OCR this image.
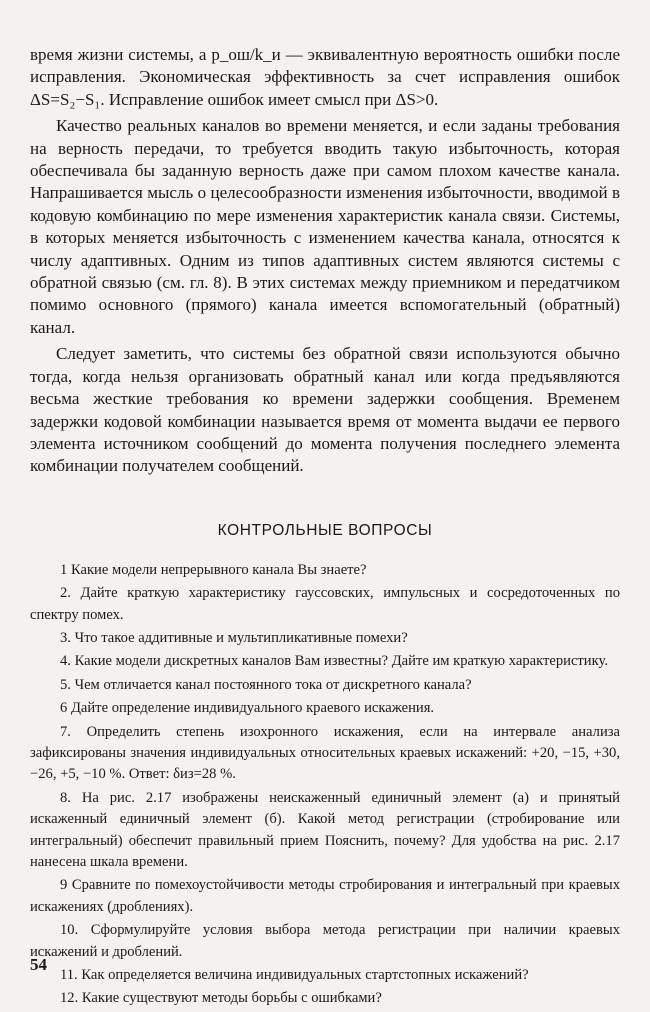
время жизни системы, а p_ош/k_и — эквивалентную вероятность ошибки после исправления. Экономическая эффективность за счет исправления ошибок ΔS=S₂−S₁. Исправление ошибок имеет смысл при ΔS>0.

Качество реальных каналов во времени меняется, и если заданы требования на верность передачи, то требуется вводить такую избыточность, которая обеспечивала бы заданную верность даже при самом плохом качестве канала. Напрашивается мысль о целесообразности изменения избыточности, вводимой в кодовую комбинацию по мере изменения характеристик канала связи. Системы, в которых меняется избыточность с изменением качества канала, относятся к числу адаптивных. Одним из типов адаптивных систем являются системы с обратной связью (см. гл. 8). В этих системах между приемником и передатчиком помимо основного (прямого) канала имеется вспомогательный (обратный) канал.

Следует заметить, что системы без обратной связи используются обычно тогда, когда нельзя организовать обратный канал или когда предъявляются весьма жесткие требования ко времени задержки сообщения. Временем задержки кодовой комбинации называется время от момента выдачи ее первого элемента источником сообщений до момента получения последнего элемента комбинации получателем сообщений.

КОНТРОЛЬНЫЕ ВОПРОСЫ
1 Какие модели непрерывного канала Вы знаете?
2. Дайте краткую характеристику гауссовских, импульсных и сосредоточенных по спектру помех.
3. Что такое аддитивные и мультипликативные помехи?
4. Какие модели дискретных каналов Вам известны? Дайте им краткую характеристику.
5. Чем отличается канал постоянного тока от дискретного канала?
6 Дайте определение индивидуального краевого искажения.
7. Определить степень изохронного искажения, если на интервале анализа зафиксированы значения индивидуальных относительных краевых искажений: +20, −15, +30, −26, +5, −10 %. Ответ: δиз=28 %.
8. На рис. 2.17 изображены неискаженный единичный элемент (а) и принятый искаженный единичный элемент (б). Какой метод регистрации (стробирование или интегральный) обеспечит правильный прием Пояснить, почему? Для удобства на рис. 2.17 нанесена шкала времени.
9 Сравните по помехоустойчивости методы стробирования и интегральный при краевых искажениях (дроблениях).
10. Сформулируйте условия выбора метода регистрации при наличии краевых искажений и дроблений.
11. Как определяется величина индивидуальных стартстопных искажений?
12. Какие существуют методы борьбы с ошибками?
54
